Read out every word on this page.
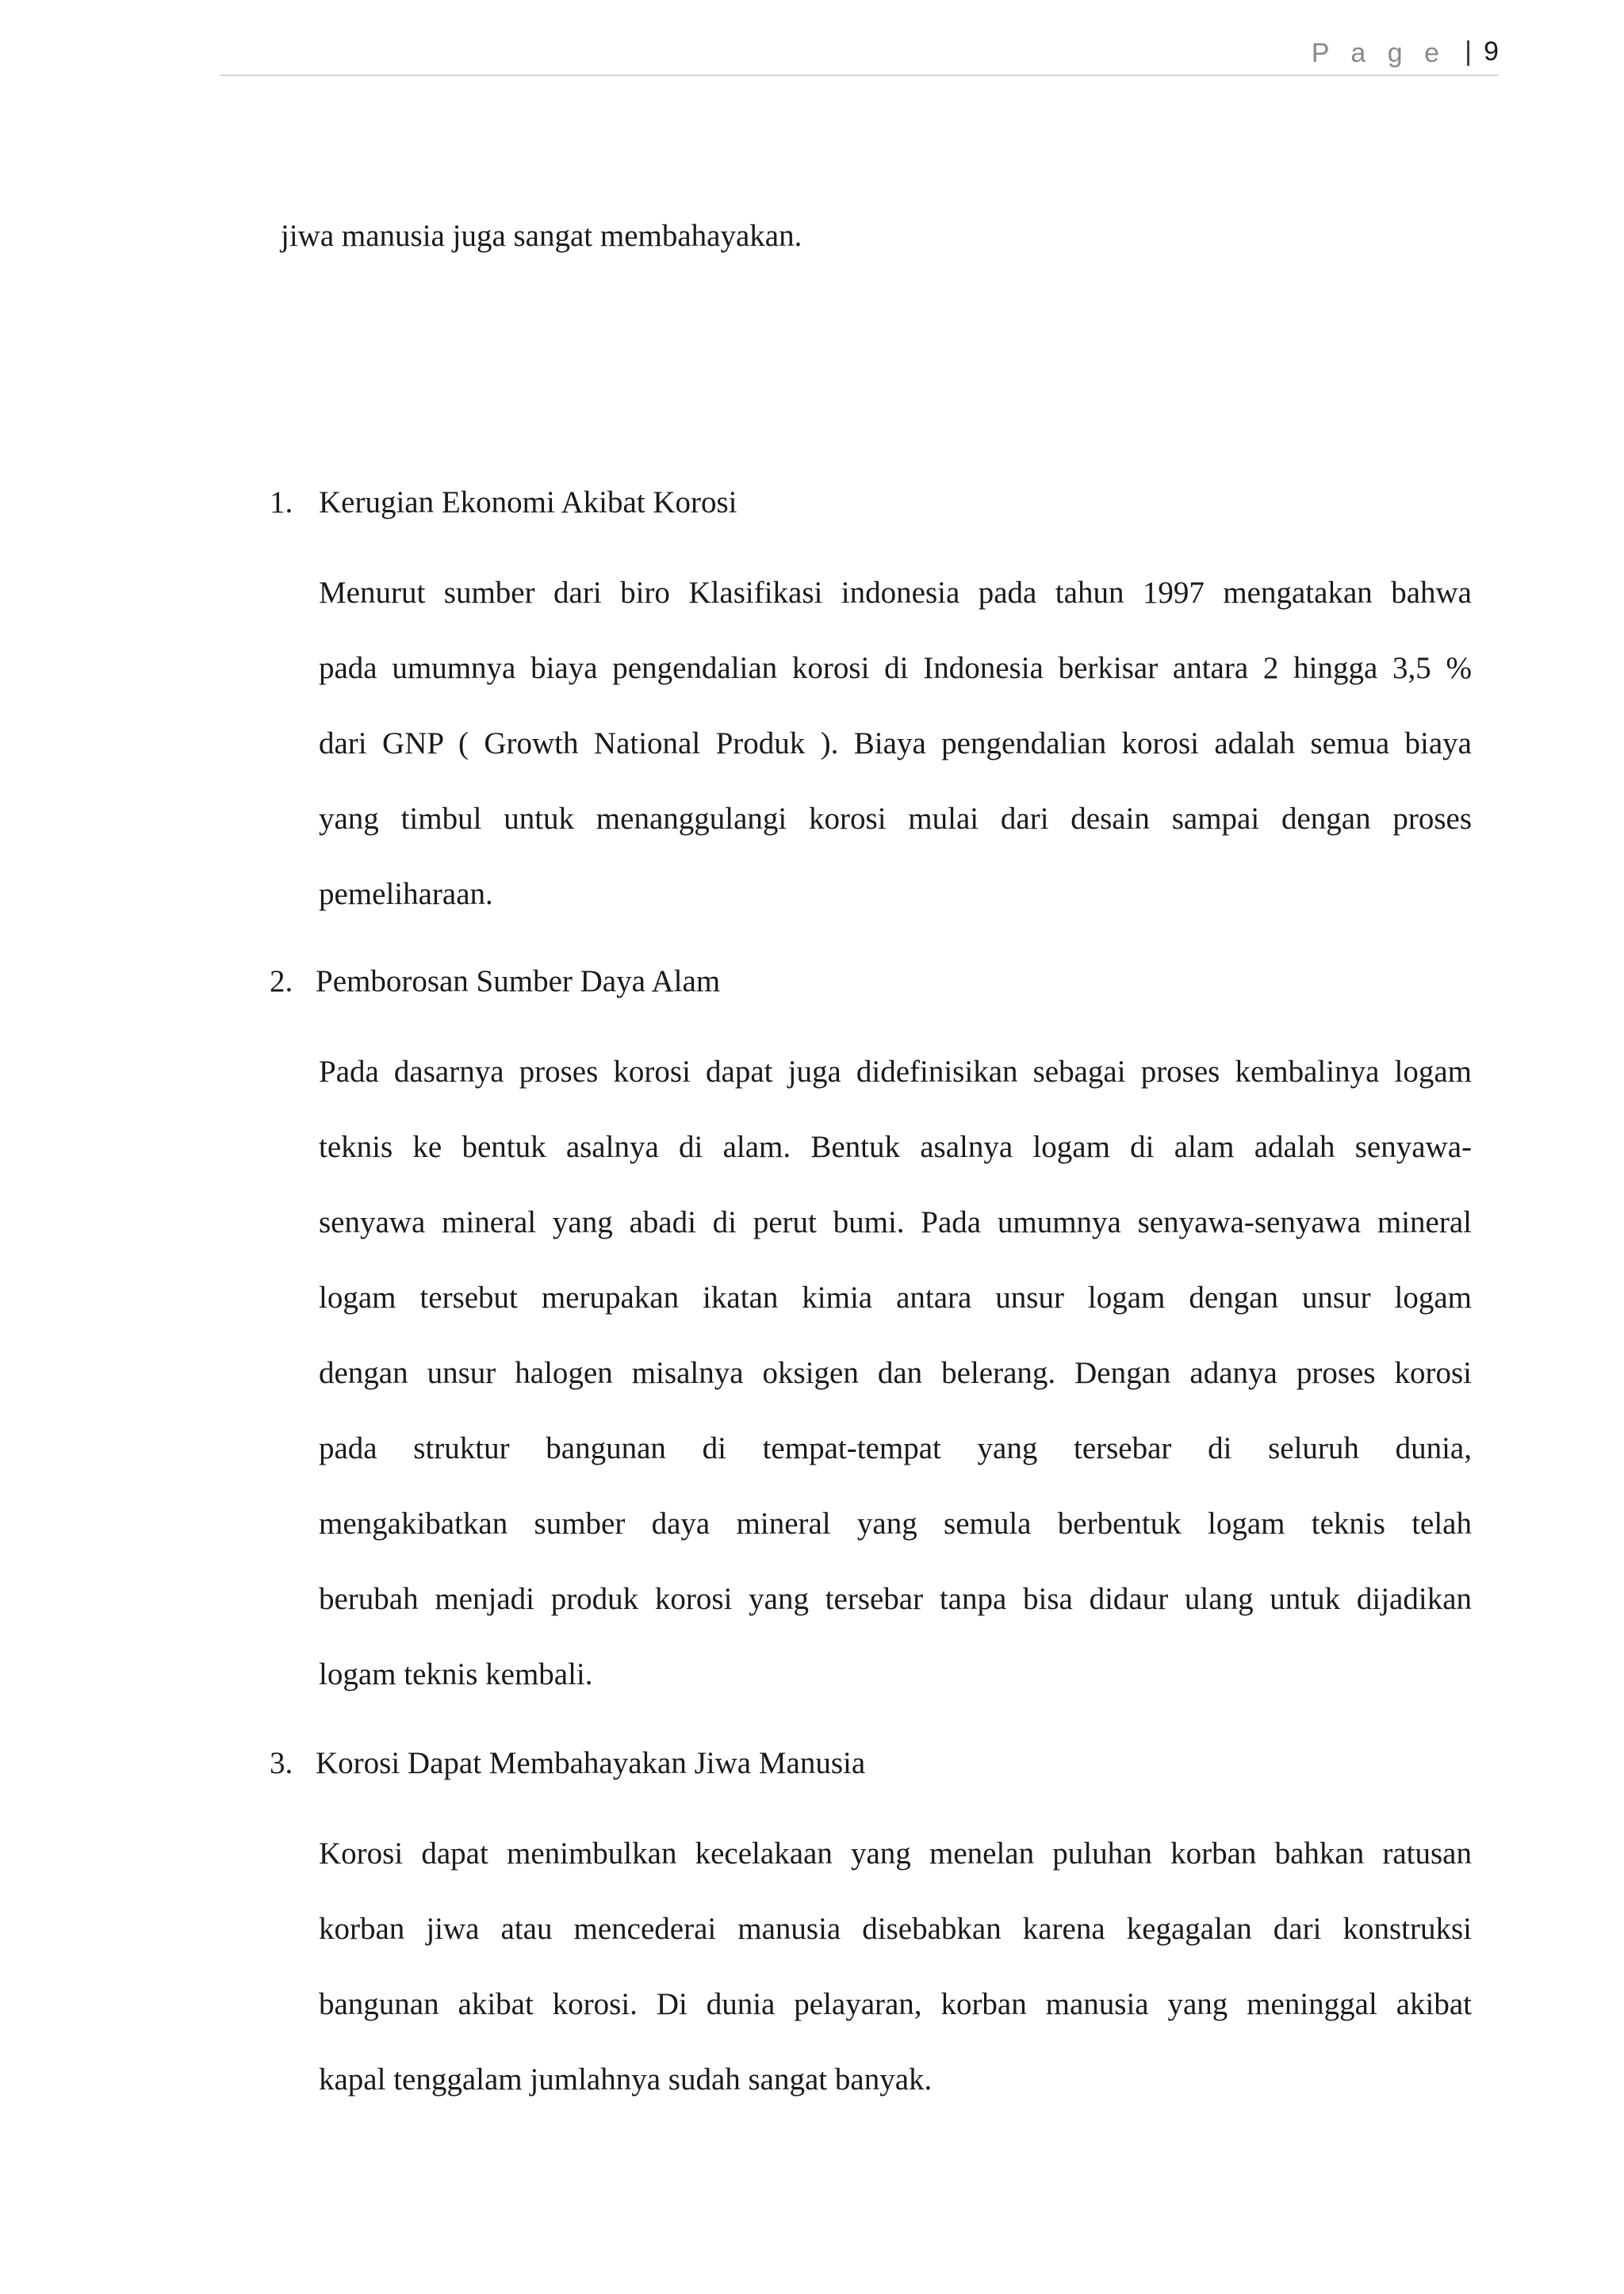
P a g e | 9
jiwa manusia juga sangat membahayakan.
1. Kerugian Ekonomi Akibat Korosi
Menurut sumber dari biro Klasifikasi indonesia pada tahun 1997 mengatakan bahwa
pada umumnya biaya pengendalian korosi di Indonesia berkisar antara 2 hingga 3,5 %
dari GNP ( Growth National Produk ). Biaya pengendalian korosi adalah semua biaya
yang timbul untuk menanggulangi korosi mulai dari desain sampai dengan proses
pemeliharaan.
2. Pemborosan Sumber Daya Alam
Pada dasarnya proses korosi dapat juga didefinisikan sebagai proses kembalinya logam
teknis ke bentuk asalnya di alam. Bentuk asalnya logam di alam adalah senyawa-
senyawa mineral yang abadi di perut bumi. Pada umumnya senyawa-senyawa mineral
logam tersebut merupakan ikatan kimia antara unsur logam dengan unsur logam
dengan unsur halogen misalnya oksigen dan belerang. Dengan adanya proses korosi
pada struktur bangunan di tempat-tempat yang tersebar di seluruh dunia,
mengakibatkan sumber daya mineral yang semula berbentuk logam teknis telah
berubah menjadi produk korosi yang tersebar tanpa bisa didaur ulang untuk dijadikan
logam teknis kembali.
3. Korosi Dapat Membahayakan Jiwa Manusia
Korosi dapat menimbulkan kecelakaan yang menelan puluhan korban bahkan ratusan
korban jiwa atau mencederai manusia disebabkan karena kegagalan dari konstruksi
bangunan akibat korosi. Di dunia pelayaran, korban manusia yang meninggal akibat
kapal tenggalam jumlahnya sudah sangat banyak.
